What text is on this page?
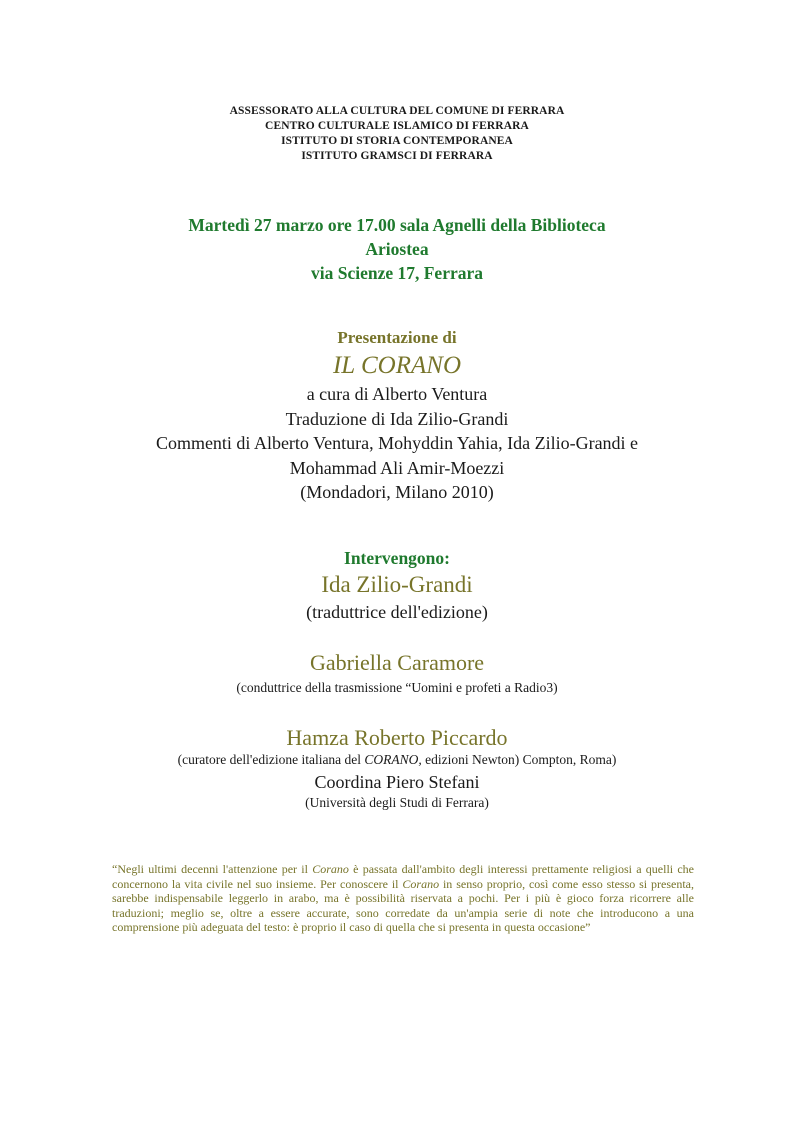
ASSESSORATO ALLA CULTURA DEL COMUNE DI FERRARA
CENTRO CULTURALE ISLAMICO DI FERRARA
ISTITUTO DI STORIA CONTEMPORANEA
ISTITUTO GRAMSCI DI FERRARA
Martedì 27 marzo ore 17.00 sala Agnelli della Biblioteca
Ariostea
via Scienze 17, Ferrara
Presentazione di
IL CORANO
a cura di Alberto Ventura
Traduzione di Ida Zilio-Grandi
Commenti di Alberto Ventura, Mohyddin Yahia, Ida Zilio-Grandi e
Mohammad Ali Amir-Moezzi
(Mondadori, Milano 2010)
Intervengono:
Ida Zilio-Grandi
(traduttrice dell'edizione)
Gabriella Caramore
(conduttrice della trasmissione “Uomini e profeti a Radio3)
Hamza Roberto Piccardo
(curatore dell'edizione italiana del CORANO, edizioni Newton) Compton, Roma)
Coordina Piero Stefani
(Università degli Studi di Ferrara)

“Negli ultimi decenni l'attenzione per il Corano è passata dall'ambito degli interessi prettamente religiosi a quelli che concernono la vita civile nel suo insieme. Per conoscere il Corano in senso proprio, così come esso stesso si presenta, sarebbe indispensabile leggerlo in arabo, ma è possibilità riservata a pochi. Per i più è gioco forza ricorrere alle traduzioni; meglio se, oltre a essere accurate, sono corredate da un'ampia serie di note che introducono a una comprensione più adeguata del testo: è proprio il caso di quella che si presenta in questa occasione”
